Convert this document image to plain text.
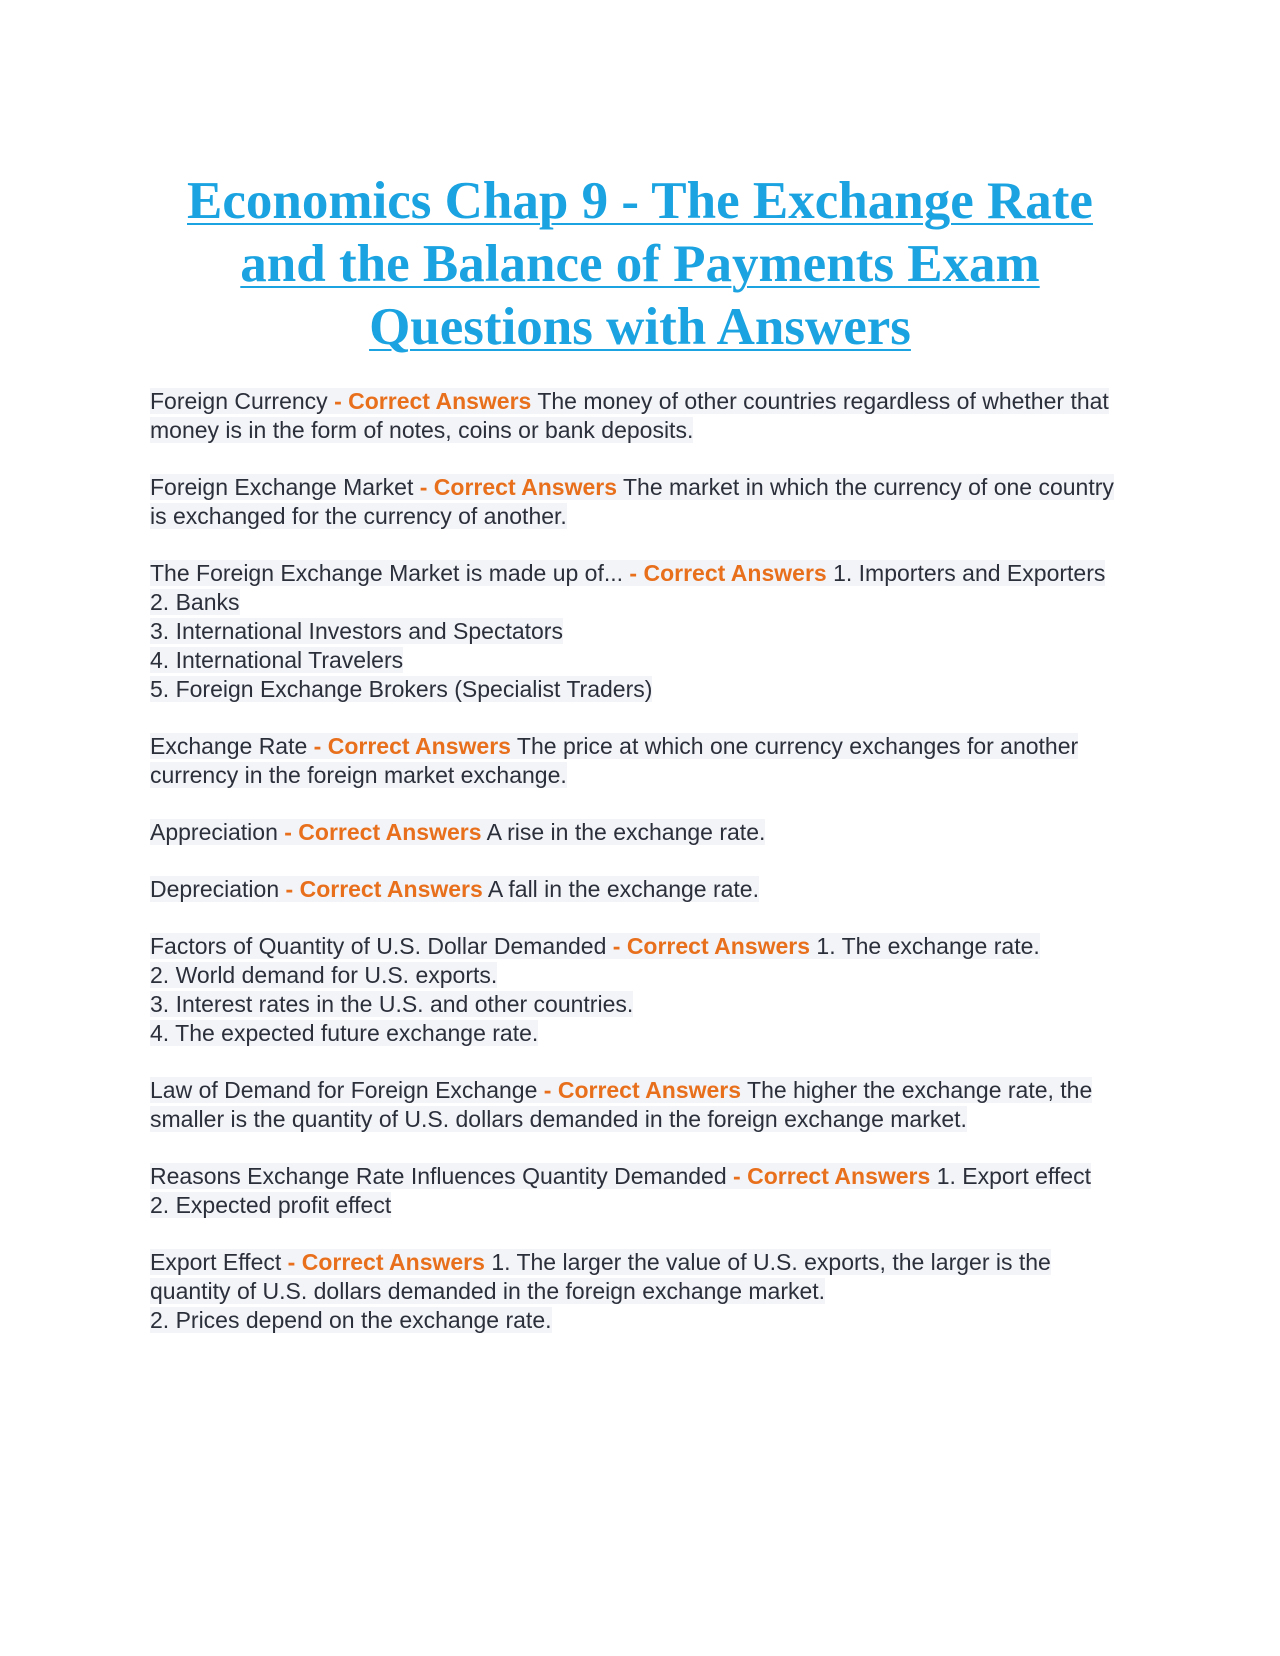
Economics Chap 9 - The Exchange Rate and the Balance of Payments Exam Questions with Answers
Foreign Currency - Correct Answers The money of other countries regardless of whether that money is in the form of notes, coins or bank deposits.
Foreign Exchange Market - Correct Answers The market in which the currency of one country is exchanged for the currency of another.
The Foreign Exchange Market is made up of... - Correct Answers 1. Importers and Exporters
2. Banks
3. International Investors and Spectators
4. International Travelers
5. Foreign Exchange Brokers (Specialist Traders)
Exchange Rate - Correct Answers The price at which one currency exchanges for another currency in the foreign market exchange.
Appreciation - Correct Answers A rise in the exchange rate.
Depreciation - Correct Answers A fall in the exchange rate.
Factors of Quantity of U.S. Dollar Demanded - Correct Answers 1. The exchange rate.
2. World demand for U.S. exports.
3. Interest rates in the U.S. and other countries.
4. The expected future exchange rate.
Law of Demand for Foreign Exchange - Correct Answers The higher the exchange rate, the smaller is the quantity of U.S. dollars demanded in the foreign exchange market.
Reasons Exchange Rate Influences Quantity Demanded - Correct Answers 1. Export effect
2. Expected profit effect
Export Effect - Correct Answers 1. The larger the value of U.S. exports, the larger is the quantity of U.S. dollars demanded in the foreign exchange market.
2. Prices depend on the exchange rate.
